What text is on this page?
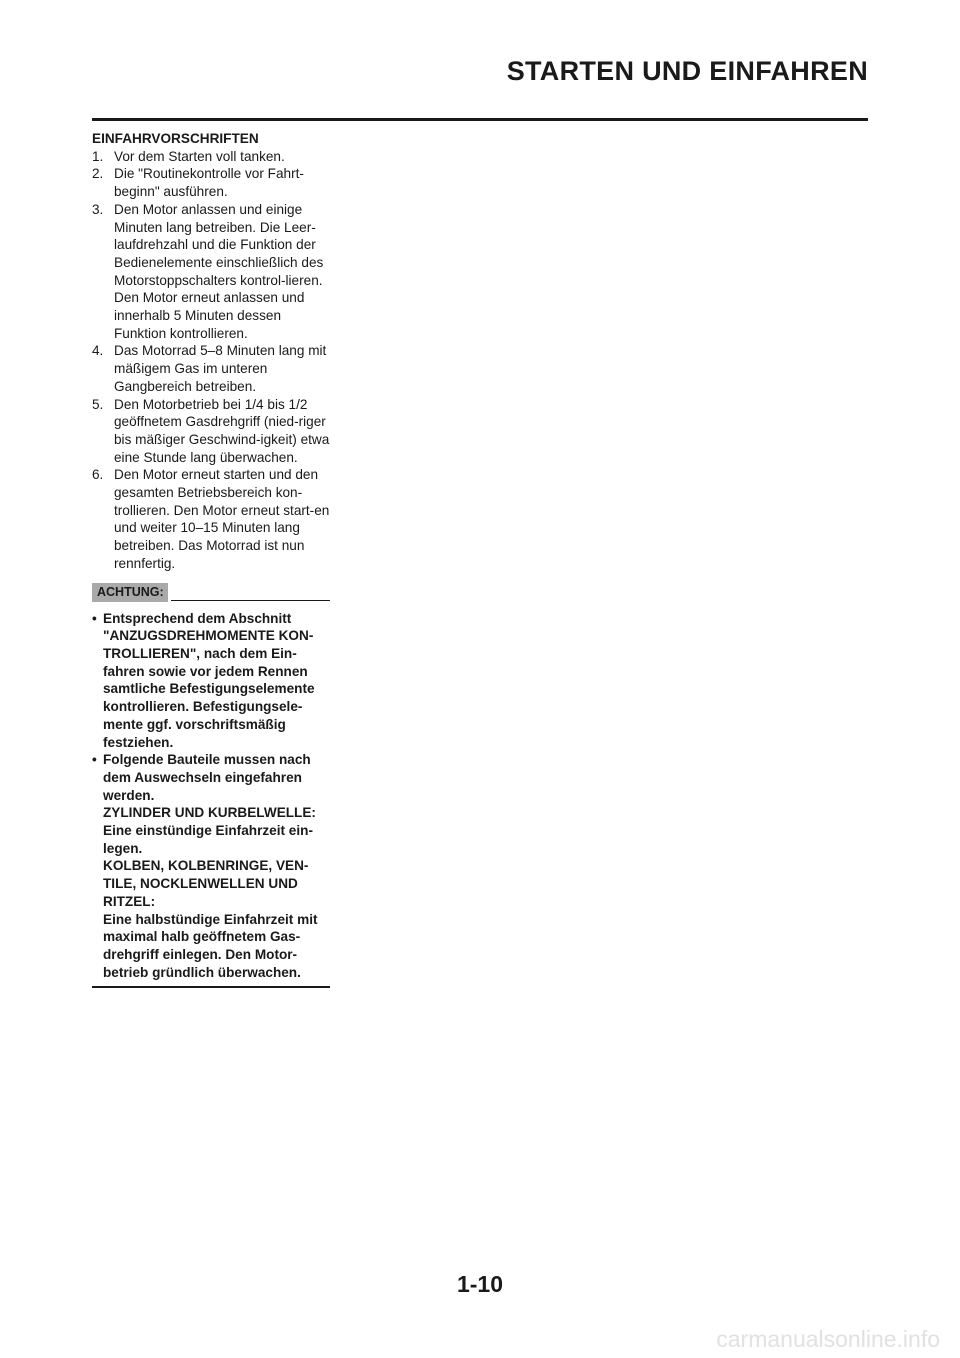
STARTEN UND EINFAHREN
EINFAHRVORSCHRIFTEN
1. Vor dem Starten voll tanken.
2. Die "Routinekontrolle vor Fahrt-beginn" ausführen.
3. Den Motor anlassen und einige Minuten lang betreiben. Die Leer-laufdrehzahl und die Funktion der Bedienelemente einschließlich des Motorstoppschalters kontrol-lieren. Den Motor erneut anlassen und innerhalb 5 Minuten dessen Funktion kontrollieren.
4. Das Motorrad 5–8 Minuten lang mit mäßigem Gas im unteren Gangbereich betreiben.
5. Den Motorbetrieb bei 1/4 bis 1/2 geöffnetem Gasdrehgriff (nied-riger bis mäßiger Geschwind-igkeit) etwa eine Stunde lang überwachen.
6. Den Motor erneut starten und den gesamten Betriebsbereich kon-trollieren. Den Motor erneut start-en und weiter 10–15 Minuten lang betreiben. Das Motorrad ist nun rennfertig.
ACHTUNG:
• Entsprechend dem Abschnitt "ANZUGSDREHMOMENTE KON-TROLLIEREN", nach dem Ein-fahren sowie vor jedem Rennen samtliche Befestigungselemente kontrollieren. Befestigungsele-mente ggf. vorschriftsmäßig festziehen.
• Folgende Bauteile mussen nach dem Auswechseln eingefahren werden.
ZYLINDER UND KURBELWELLE:
Eine einstündige Einfahrzeit ein-legen.
KOLBEN, KOLBENRINGE, VEN-TILE, NOCKLENWELLEN UND RITZEL:
Eine halbstündige Einfahrzeit mit maximal halb geöffnetem Gas-drehgriff einlegen. Den Motor-betrieb gründlich überwachen.
1-10
carmanualsonline.info
